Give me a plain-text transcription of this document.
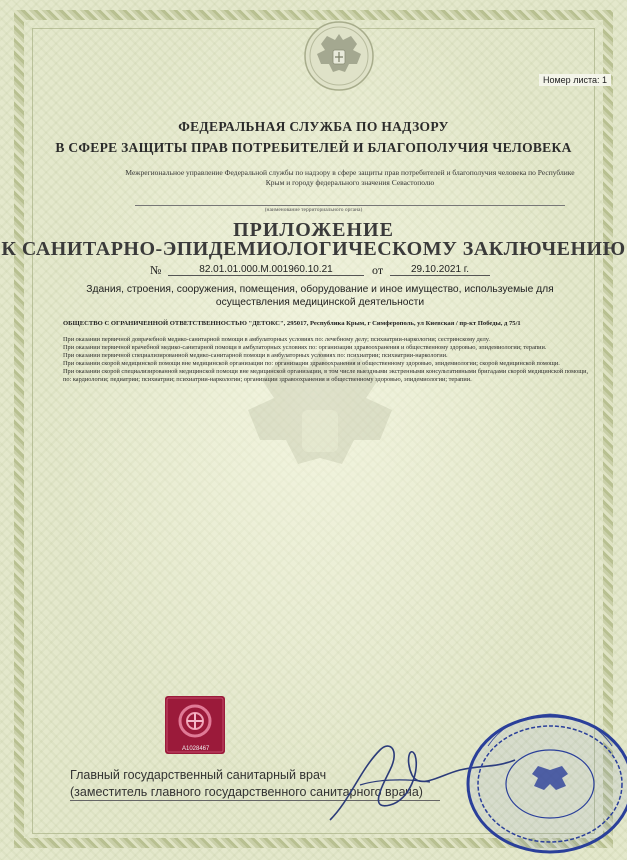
Номер листа: 1
ФЕДЕРАЛЬНАЯ СЛУЖБА ПО НАДЗОРУ
В СФЕРЕ ЗАЩИТЫ ПРАВ ПОТРЕБИТЕЛЕЙ И БЛАГОПОЛУЧИЯ ЧЕЛОВЕКА
Межрегиональное управление Федеральной службы по надзору в сфере защиты прав потребителей и благополучия человека по Республике Крым и городу федерального значения Севастополю
(наименование территориального органа)
ПРИЛОЖЕНИЕ
К САНИТАРНО-ЭПИДЕМИОЛОГИЧЕСКОМУ ЗАКЛЮЧЕНИЮ
№	82.01.01.000.М.001960.10.21	от	29.10.2021 г.
Здания, строения, сооружения, помещения, оборудование и иное имущество, используемые для осуществления медицинской деятельности
ОБЩЕСТВО С ОГРАНИЧЕННОЙ ОТВЕТСТВЕННОСТЬЮ "ДЕТОКС", 295017, Республика Крым, г Симферополь, ул Киевская / пр-кт Победы, д 75/1
При оказании первичной доврачебной медико-санитарной помощи в амбулаторных условиях по: лечебному делу; психиатрии-наркологии; сестринскому делу.
При оказании первичной врачебной медико-санитарной помощи в амбулаторных условиях по: организации здравоохранения и общественному здоровью, эпидемиологии; терапии.
При оказании первичной специализированной медико-санитарной помощи в амбулаторных условиях по: психиатрии; психиатрии-наркологии.
При оказании скорой медицинской помощи вне медицинской организации по: организации здравоохранения и общественному здоровью, эпидемиологии; скорой медицинской помощи.
При оказании скорой специализированной медицинской помощи вне медицинской организации, в том числе выездными экстренными консультативными бригадами скорой медицинской помощи, по: кардиологии; педиатрии; психиатрии; психиатрии-наркологии; организации здравоохранения и общественному здоровью, эпидемиологии; терапии.
А1028467
Главный государственный санитарный врач
(заместитель главного государственного санитарного врача)
